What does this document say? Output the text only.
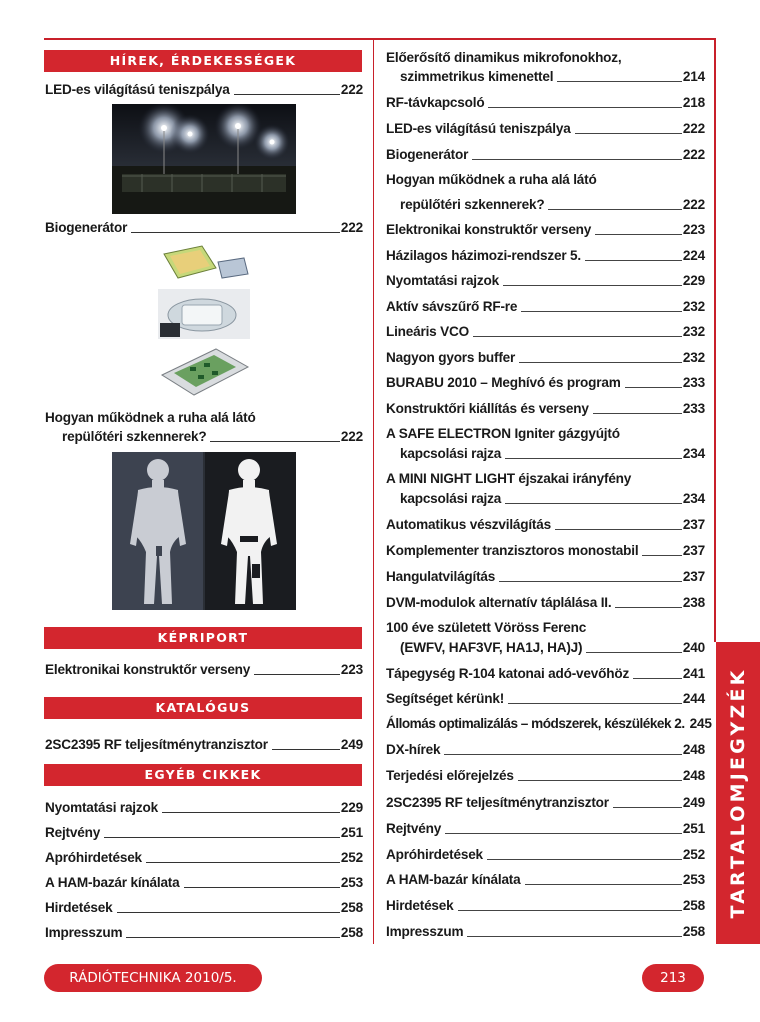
HÍREK, ÉRDEKESSÉGEK
LED-es világítású teniszpálya	222
Biogenerátor	222
Hogyan működnek a ruha alá látó
repülőtéri szkennerek?	222
KÉPRIPORT
Elektronikai konstruktőr verseny	223
KATALÓGUS
2SC2395 RF teljesítménytranzisztor	249
EGYÉB CIKKEK
Nyomtatási rajzok	229
Rejtvény	251
Apróhirdetések	252
A HAM-bazár kínálata	253
Hirdetések	258
Impresszum	258
Előerősítő dinamikus mikrofonokhoz,
szimmetrikus kimenettel	214
RF-távkapcsoló	218
LED-es világítású teniszpálya	222
Biogenerátor	222
Hogyan működnek a ruha alá látó
repülőtéri szkennerek?	222
Elektronikai konstruktőr verseny	223
Házilagos házimozi-rendszer 5.	224
Nyomtatási rajzok	229
Aktív sávszűrő RF-re	232
Lineáris VCO	232
Nagyon gyors buffer	232
BURABU 2010 – Meghívó és program	233
Konstruktőri kiállítás és verseny	233
A SAFE ELECTRON Igniter gázgyújtó
kapcsolási rajza	234
A MINI NIGHT LIGHT éjszakai irányfény
kapcsolási rajza	234
Automatikus vészvilágítás	237
Komplementer tranzisztoros monostabil	237
Hangulatvilágítás	237
DVM-modulok alternatív táplálása II.	238
100 éve született Vöröss Ferenc
(EWFV, HAF3VF, HA1J, HA)J)	240
Tápegység R-104 katonai adó-vevőhöz	241
Segítséget kérünk!	244
Állomás optimalizálás – módszerek, készülékek 2. 245
DX-hírek	248
Terjedési előrejelzés	248
2SC2395 RF teljesítménytranzisztor	249
Rejtvény	251
Apróhirdetések	252
A HAM-bazár kínálata	253
Hirdetések	258
Impresszum	258
TARTALOMJEGYZÉK
RÁDIÓTECHNIKA 2010/5.	213
